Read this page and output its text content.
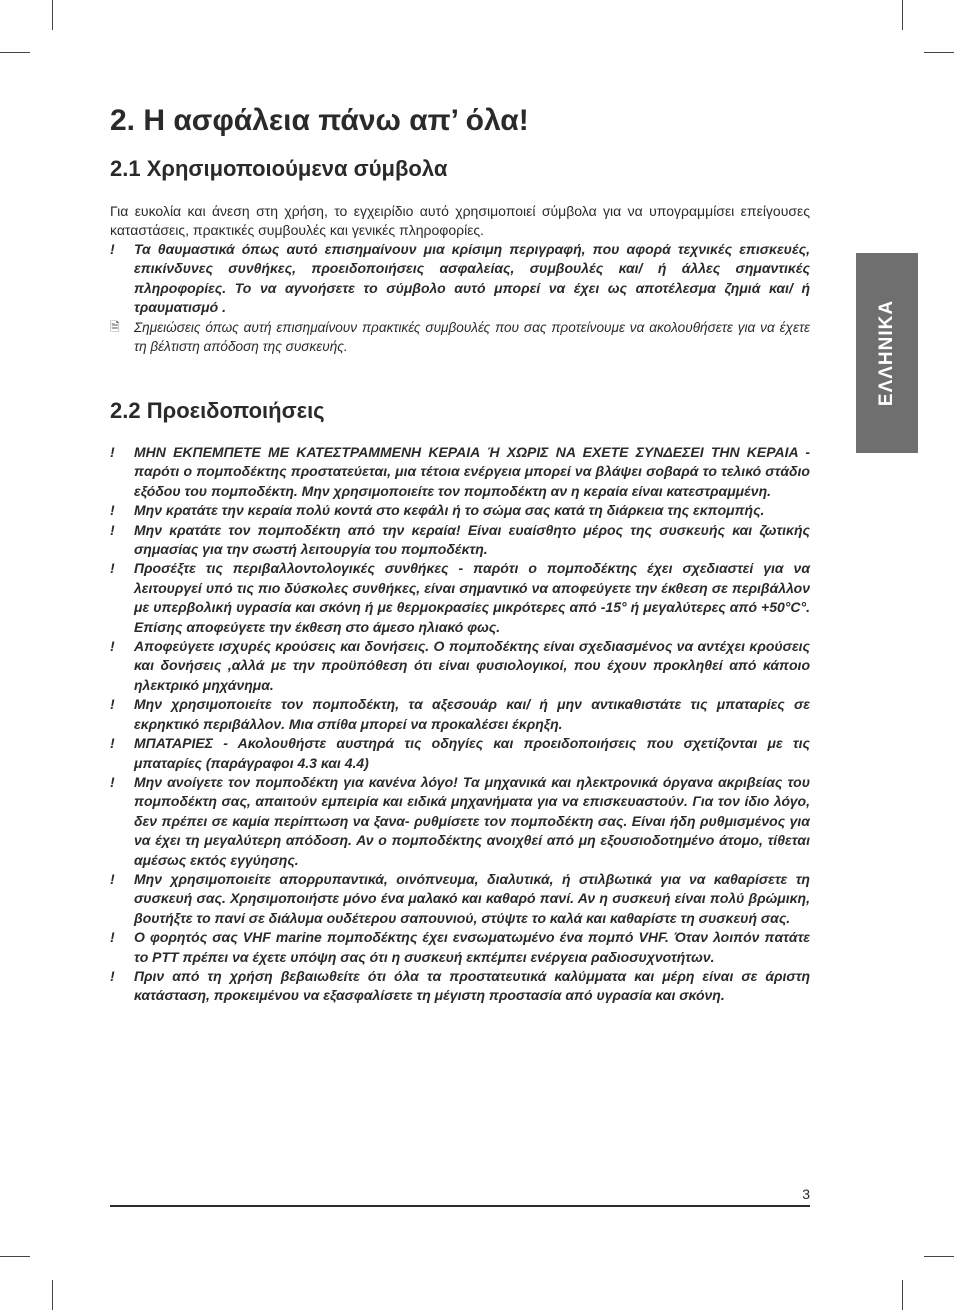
ΕΛΛΗΝΙΚΑ
2. Η ασφάλεια πάνω απ’ όλα!
2.1 Χρησιμοποιούμενα σύμβολα

Για ευκολία και άνεση στη χρήση, το εγχειρίδιο αυτό χρησιμοποιεί σύμβολα για να υπογραμμίσει επείγουσες καταστάσεις, πρακτικές συμβουλές και γενικές πληροφορίες.

!	Τα θαυμαστικά όπως αυτό επισημαίνουν μια κρίσιμη περιγραφή, που αφορά τεχνικές επισκευές, επικίνδυνες συνθήκες, προειδοποιήσεις ασφαλείας, συμβουλές και/ ή άλλες σημαντικές πληροφορίες. Το να αγνοήσετε το σύμβολο αυτό μπορεί να έχει ως αποτέλεσμα ζημιά και/ ή τραυματισμό .
🗎	Σημειώσεις όπως αυτή επισημαίνουν πρακτικές συμβουλές που σας προτείνουμε να ακολουθήσετε για να έχετε τη βέλτιστη απόδοση της συσκευής.
2.2 Προειδοποιήσεις
!	ΜΗΝ ΕΚΠΕΜΠΕΤΕ ΜΕ ΚΑΤΕΣΤΡΑΜΜΕΝΗ ΚΕΡΑΙΑ Ή ΧΩΡΙΣ ΝΑ ΕΧΕΤΕ ΣΥΝΔΕΣΕΙ ΤΗΝ ΚΕΡΑΙΑ - παρότι ο πομποδέκτης προστατεύεται, μια τέτοια ενέργεια μπορεί να βλάψει σοβαρά το τελικό στάδιο εξόδου του πομποδέκτη. Μην χρησιμοποιείτε τον πομποδέκτη αν η κεραία είναι κατεστραμμένη.
!	Μην κρατάτε την κεραία πολύ κοντά στο κεφάλι ή το σώμα σας κατά τη διάρκεια της εκπομπής.
!	Μην κρατάτε τον πομποδέκτη από την κεραία! Είναι ευαίσθητο μέρος της συσκευής και ζωτικής σημασίας για την σωστή λειτουργία του πομποδέκτη.
!	Προσέξτε τις περιβαλλοντολογικές συνθήκες - παρότι ο πομποδέκτης έχει σχεδιαστεί για να λειτουργεί υπό τις πιο δύσκολες συνθήκες, είναι σημαντικό να αποφεύγετε την έκθεση σε περιβάλλον με υπερβολική υγρασία και σκόνη ή με θερμοκρασίες μικρότερες από -15° ή μεγαλύτερες από +50°C°. Επίσης αποφεύγετε την έκθεση στο άμεσο ηλιακό φως.
!	Αποφεύγετε ισχυρές κρούσεις και δονήσεις. Ο πομποδέκτης είναι σχεδιασμένος να αντέχει κρούσεις και δονήσεις ,αλλά με την προϋπόθεση ότι είναι φυσιολογικοί, που έχουν προκληθεί από κάποιο ηλεκτρικό μηχάνημα.
!	Μην χρησιμοποιείτε τον πομποδέκτη, τα αξεσουάρ και/ ή μην αντικαθιστάτε τις μπαταρίες σε εκρηκτικό περιβάλλον. Μια σπίθα μπορεί να προκαλέσει έκρηξη.
!	ΜΠΑΤΑΡΙΕΣ - Ακολουθήστε αυστηρά τις οδηγίες και προειδοποιήσεις που σχετίζονται με τις μπαταρίες (παράγραφοι 4.3 και 4.4)
!	Μην ανοίγετε τον πομποδέκτη για κανένα λόγο! Τα μηχανικά και ηλεκτρονικά όργανα ακριβείας του πομποδέκτη σας, απαιτούν εμπειρία και ειδικά μηχανήματα για να επισκευαστούν. Για τον ίδιο λόγο, δεν πρέπει σε καμία περίπτωση να ξανα- ρυθμίσετε τον πομποδέκτη σας. Είναι ήδη ρυθμισμένος για να έχει τη μεγαλύτερη απόδοση. Αν ο πομποδέκτης ανοιχθεί από μη εξουσιοδοτημένο άτομο, τίθεται αμέσως εκτός εγγύησης.
!	Μην χρησιμοποιείτε απορρυπαντικά, οινόπνευμα, διαλυτικά, ή στιλβωτικά για να καθαρίσετε τη συσκευή σας. Χρησιμοποιήστε μόνο ένα μαλακό και καθαρό πανί. Αν η συσκευή είναι πολύ βρώμικη, βουτήξτε το πανί σε διάλυμα ουδέτερου σαπουνιού, στύψτε το καλά και καθαρίστε τη συσκευή σας.
!	Ο φορητός σας VHF marine πομποδέκτης έχει ενσωματωμένο ένα πομπό VHF. Όταν λοιπόν πατάτε το PTT πρέπει να έχετε υπόψη σας ότι η συσκευή εκπέμπει ενέργεια ραδιοσυχνοτήτων.
!	Πριν από τη χρήση βεβαιωθείτε ότι όλα τα προστατευτικά καλύμματα και μέρη είναι σε άριστη κατάσταση, προκειμένου να εξασφαλίσετε τη μέγιστη προστασία από υγρασία και σκόνη.
3
